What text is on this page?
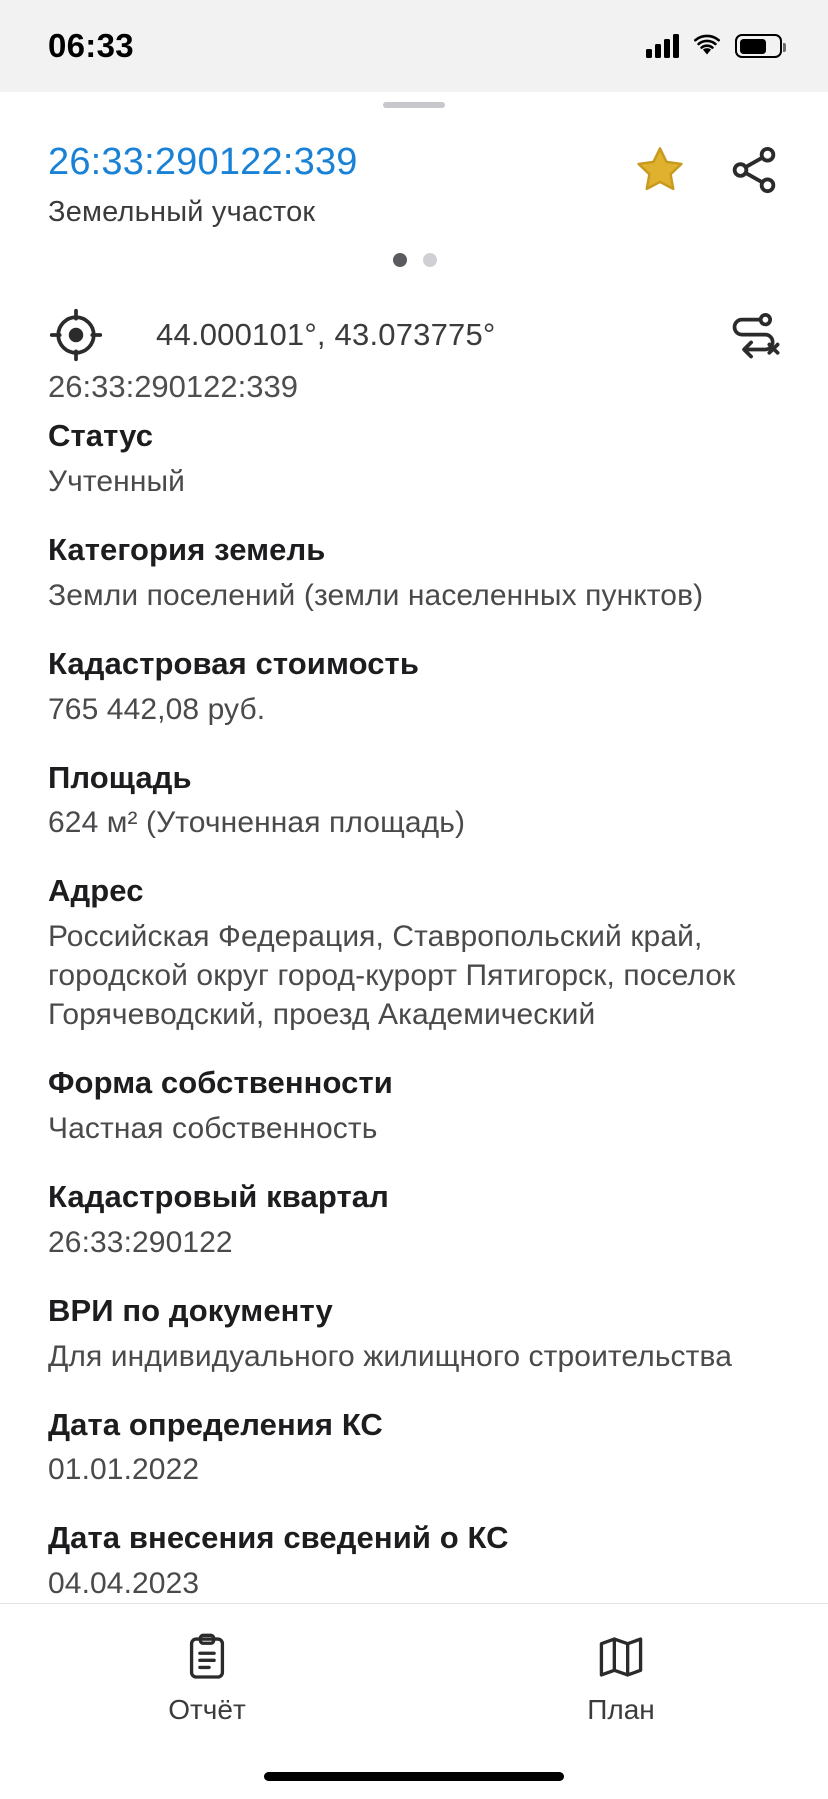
06:33
26:33:290122:339
Земельный участок
44.000101°, 43.073775°
26:33:290122:339
Статус
Учтенный
Категория земель
Земли поселений (земли населенных пунктов)
Кадастровая стоимость
765 442,08 руб.
Площадь
624 м² (Уточненная площадь)
Адрес
Российская Федерация, Ставропольский край, городской округ город-курорт Пятигорск, поселок Горячеводский, проезд Академический
Форма собственности
Частная собственность
Кадастровый квартал
26:33:290122
ВРИ по документу
Для индивидуального жилищного строительства
Дата определения КС
01.01.2022
Дата внесения сведений о КС
04.04.2023
Отчёт	План
